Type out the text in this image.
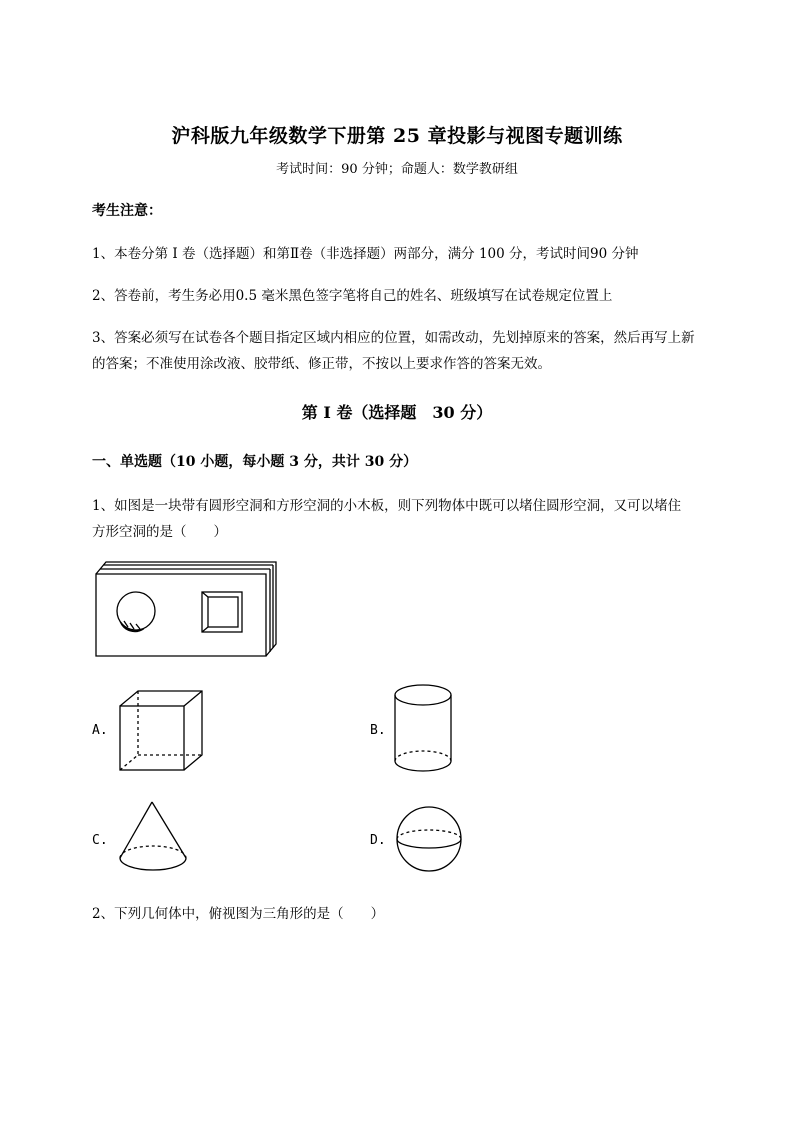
沪科版九年级数学下册第 25 章投影与视图专题训练
考试时间：90 分钟；命题人：数学教研组
考生注意：
1、本卷分第 I 卷（选择题）和第Ⅱ卷（非选择题）两部分，满分 100 分，考试时间90 分钟
2、答卷前，考生务必用0.5 毫米黑色签字笔将自己的姓名、班级填写在试卷规定位置上
3、答案必须写在试卷各个题目指定区域内相应的位置，如需改动，先划掉原来的答案，然后再写上新
的答案；不准使用涂改液、胶带纸、修正带，不按以上要求作答的答案无效。
第 I 卷（选择题　30 分）
一、单选题（10 小题，每小题 3 分，共计 30 分）
1、如图是一块带有圆形空洞和方形空洞的小木板，则下列物体中既可以堵住圆形空洞，又可以堵住
方形空洞的是（　　）
A.	B.
C.	D.
2、下列几何体中，俯视图为三角形的是（　　）
